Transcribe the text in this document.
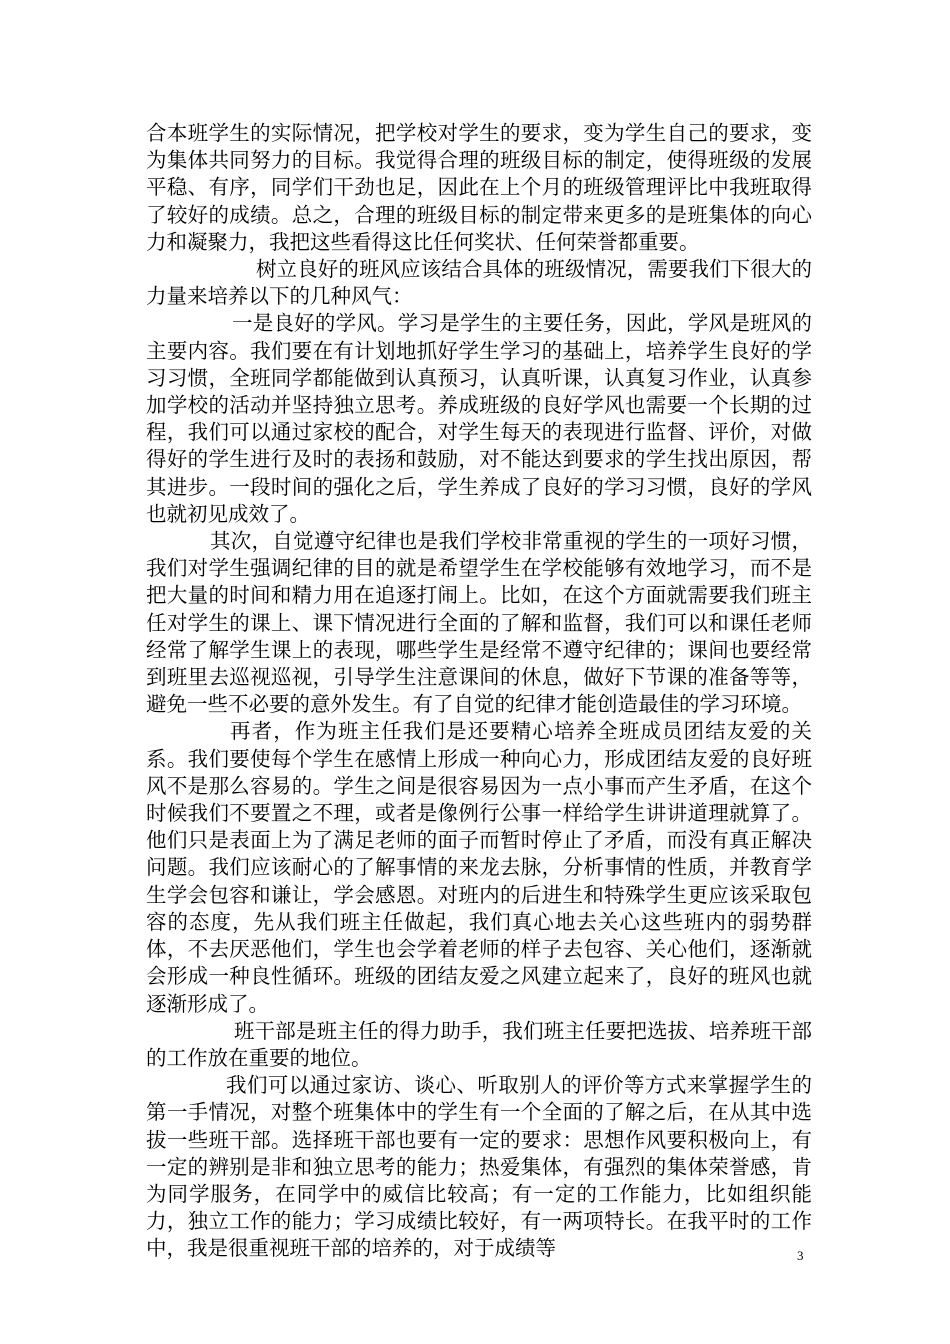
合本班学生的实际情况，把学校对学生的要求，变为学生自己的要求，变为集体共同努力的目标。我觉得合理的班级目标的制定，使得班级的发展平稳、有序，同学们干劲也足，因此在上个月的班级管理评比中我班取得了较好的成绩。总之，合理的班级目标的制定带来更多的是班集体的向心力和凝聚力，我把这些看得这比任何奖状、任何荣誉都重要。

树立良好的班风应该结合具体的班级情况，需要我们下很大的力量来培养以下的几种风气：

一是良好的学风。学习是学生的主要任务，因此，学风是班风的主要内容。我们要在有计划地抓好学生学习的基础上，培养学生良好的学习习惯，全班同学都能做到认真预习，认真听课，认真复习作业，认真参加学校的活动并坚持独立思考。养成班级的良好学风也需要一个长期的过程，我们可以通过家校的配合，对学生每天的表现进行监督、评价，对做得好的学生进行及时的表扬和鼓励，对不能达到要求的学生找出原因，帮其进步。一段时间的强化之后，学生养成了良好的学习习惯，良好的学风也就初见成效了。

其次，自觉遵守纪律也是我们学校非常重视的学生的一项好习惯，我们对学生强调纪律的目的就是希望学生在学校能够有效地学习，而不是把大量的时间和精力用在追逐打闹上。比如，在这个方面就需要我们班主任对学生的课上、课下情况进行全面的了解和监督，我们可以和课任老师经常了解学生课上的表现，哪些学生是经常不遵守纪律的；课间也要经常到班里去巡视巡视，引导学生注意课间的休息，做好下节课的准备等等，避免一些不必要的意外发生。有了自觉的纪律才能创造最佳的学习环境。

再者，作为班主任我们是还要精心培养全班成员团结友爱的关系。我们要使每个学生在感情上形成一种向心力，形成团结友爱的良好班风不是那么容易的。学生之间是很容易因为一点小事而产生矛盾，在这个时候我们不要置之不理，或者是像例行公事一样给学生讲讲道理就算了。他们只是表面上为了满足老师的面子而暂时停止了矛盾，而没有真正解决问题。我们应该耐心的了解事情的来龙去脉，分析事情的性质，并教育学生学会包容和谦让，学会感恩。对班内的后进生和特殊学生更应该采取包容的态度，先从我们班主任做起，我们真心地去关心这些班内的弱势群体，不去厌恶他们，学生也会学着老师的样子去包容、关心他们，逐渐就会形成一种良性循环。班级的团结友爱之风建立起来了，良好的班风也就逐渐形成了。

班干部是班主任的得力助手，我们班主任要把选拔、培养班干部的工作放在重要的地位。

我们可以通过家访、谈心、听取别人的评价等方式来掌握学生的第一手情况，对整个班集体中的学生有一个全面的了解之后，在从其中选拔一些班干部。选择班干部也要有一定的要求：思想作风要积极向上，有一定的辨别是非和独立思考的能力；热爱集体，有强烈的集体荣誉感，肯为同学服务，在同学中的威信比较高；有一定的工作能力，比如组织能力，独立工作的能力；学习成绩比较好，有一两项特长。在我平时的工作中，我是很重视班干部的培养的，对于成绩等	3
